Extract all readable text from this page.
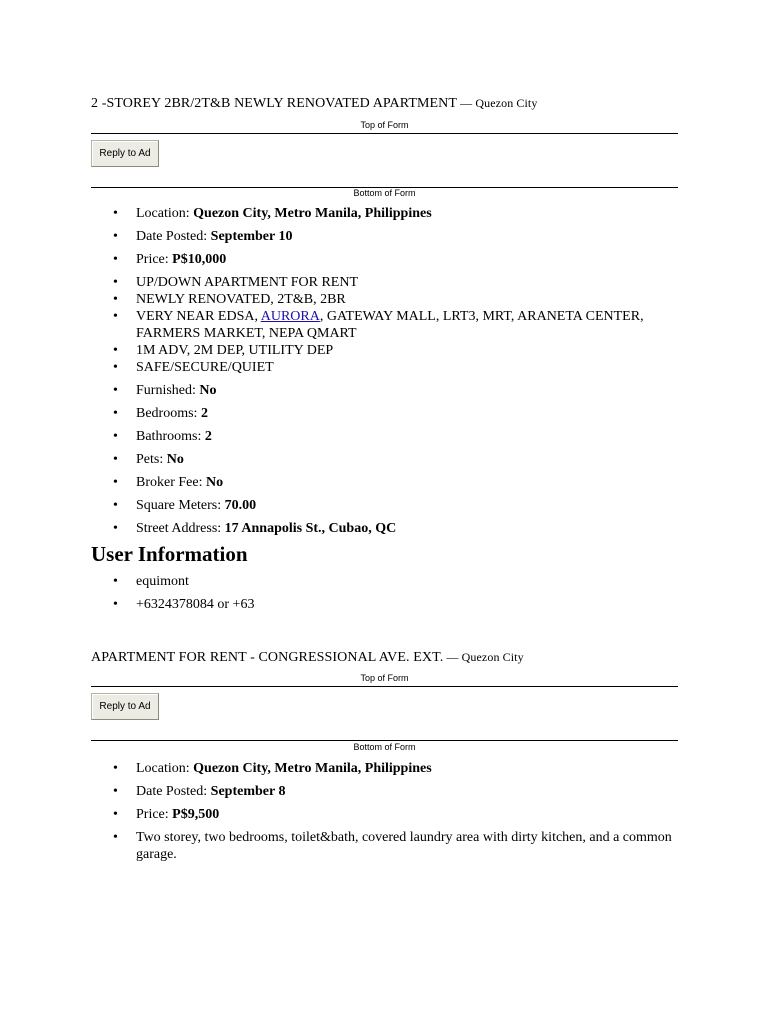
2 -STOREY 2BR/2T&B NEWLY RENOVATED APARTMENT — Quezon City
Top of Form
Reply to Ad
Bottom of Form
• Location: Quezon City, Metro Manila, Philippines
• Date Posted: September 10
• Price: P$10,000
• UP/DOWN APARTMENT FOR RENT
• NEWLY RENOVATED, 2T&B, 2BR
• VERY NEAR EDSA, AURORA, GATEWAY MALL, LRT3, MRT, ARANETA CENTER, FARMERS MARKET, NEPA QMART
• 1M ADV, 2M DEP, UTILITY DEP
• SAFE/SECURE/QUIET
• Furnished: No
• Bedrooms: 2
• Bathrooms: 2
• Pets: No
• Broker Fee: No
• Square Meters: 70.00
• Street Address: 17 Annapolis St., Cubao, QC
User Information
• equimont
• +6324378084 or +63
APARTMENT FOR RENT - CONGRESSIONAL AVE. EXT. — Quezon City
Top of Form
Reply to Ad
Bottom of Form
• Location: Quezon City, Metro Manila, Philippines
• Date Posted: September 8
• Price: P$9,500
• Two storey, two bedrooms, toilet&bath, covered laundry area with dirty kitchen, and a common garage.
